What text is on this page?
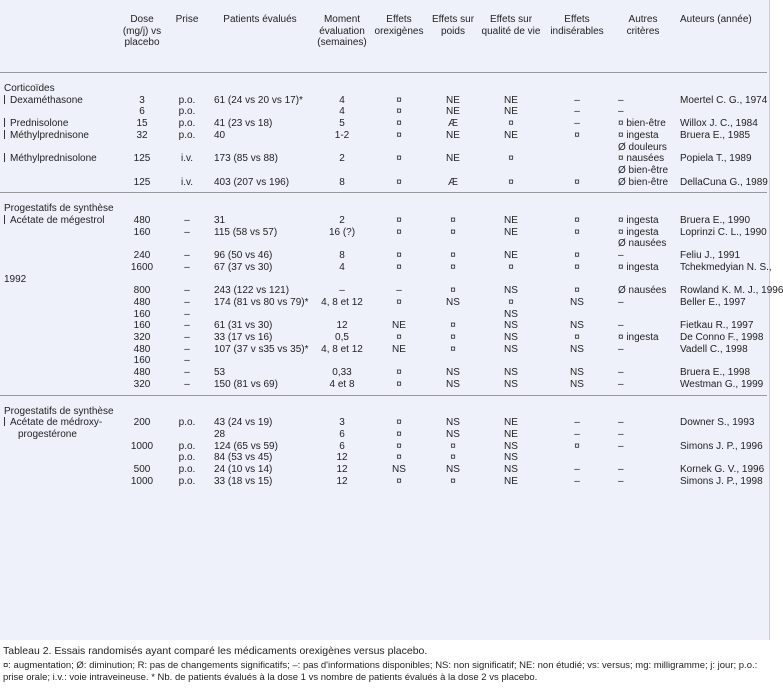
	Dose (mg/j) vs placebo	Prise	Patients évalués	Moment évaluation (semaines)	Effets orexigènes	Effets sur poids	Effets sur qualité de vie	Effets indisérables	Autres critères	Auteurs (année)

Corticoïdes										
Dexaméthasone	3	p.o.	61 (24 vs 20 vs 17)*	4	¤	NE	NE	–	–	Moertel C. G., 1974
	6	p.o.		4	¤	NE	NE	–	–	
Prednisolone	15	p.o.	41 (23 vs 18)	5	¤	Æ	¤	–	¤ bien-être	Willox J. C., 1984
Méthylprednisone	32	p.o.	40	1-2	¤	NE	NE	¤	¤ ingesta	Bruera E., 1985
									Ø douleurs	
Méthylprednisolone	125	i.v.	173 (85 vs 88)	2	¤	NE	¤		¤ nausées	Popiela T., 1989
									Ø bien-être	
	125	i.v.	403 (207 vs 196)	8	¤	Æ	¤	¤	Ø bien-être	DellaCuna G., 1989

Progestatifs de synthèse										
Acétate de mégestrol	480	–	31	2	¤	¤	NE	¤	¤ ingesta	Bruera E., 1990
	160	–	115 (58 vs 57)	16 (?)	¤	¤	NE	¤	¤ ingesta	Loprinzi C. L., 1990
									Ø nausées	
	240	–	96 (50 vs 46)	8	¤	¤	NE	¤	–	Feliu J., 1991
	1600	–	67 (37 vs 30)	4	¤	¤	¤	¤	¤ ingesta	Tchekmedyian N. S.,
1992										
	800	–	243 (122 vs 121)	–	–	¤	NS	¤	Ø nausées	Rowland K. M. J., 1996
	480	–	174 (81 vs 80 vs 79)*	4, 8 et 12	¤	NS	¤	NS	–	Beller E., 1997
	160	–					NS			
	160	–	61 (31 vs 30)	12	NE	¤	NS	NS	–	Fietkau R., 1997
	320	–	33 (17 vs 16)	0,5	¤	¤	NS	¤	¤ ingesta	De Conno F., 1998
	480	–	107 (37 v s35 vs 35)*	4, 8 et 12	NE	¤	NS	NS	–	Vadell C., 1998
	160	–								
	480	–	53	0,33	¤	NS	NS	NS	–	Bruera E., 1998
	320	–	150 (81 vs 69)	4 et 8	¤	NS	NS	NS	–	Westman G., 1999

Progestatifs de synthèse										
Acétate de médroxy-	200	p.o.	43 (24 vs 19)	3	¤	NS	NE	–	–	Downer S., 1993
progestérone			28	6	¤	NS	NE	–	–	
	1000	p.o.	124 (65 vs 59)	6	¤	¤	NS	¤	–	Simons J. P., 1996
		p.o.	84 (53 vs 45)	12	¤	¤	NS			
	500	p.o.	24 (10 vs 14)	12	NS	NS	NS	–	–	Kornek G. V., 1996
	1000	p.o.	33 (18 vs 15)	12	¤	¤	NE	–	–	Simons J. P., 1998
Tableau 2. Essais randomisés ayant comparé les médicaments orexigènes versus placebo.
¤: augmentation; Ø: diminution; R: pas de changements significatifs; –: pas d'informations disponibles; NS: non significatif; NE: non étudié; vs: versus; mg: milligramme; j: jour; p.o.: prise orale; i.v.: voie intraveineuse. * Nb. de patients évalués à la dose 1 vs nombre de patients évalués à la dose 2 vs placebo.
